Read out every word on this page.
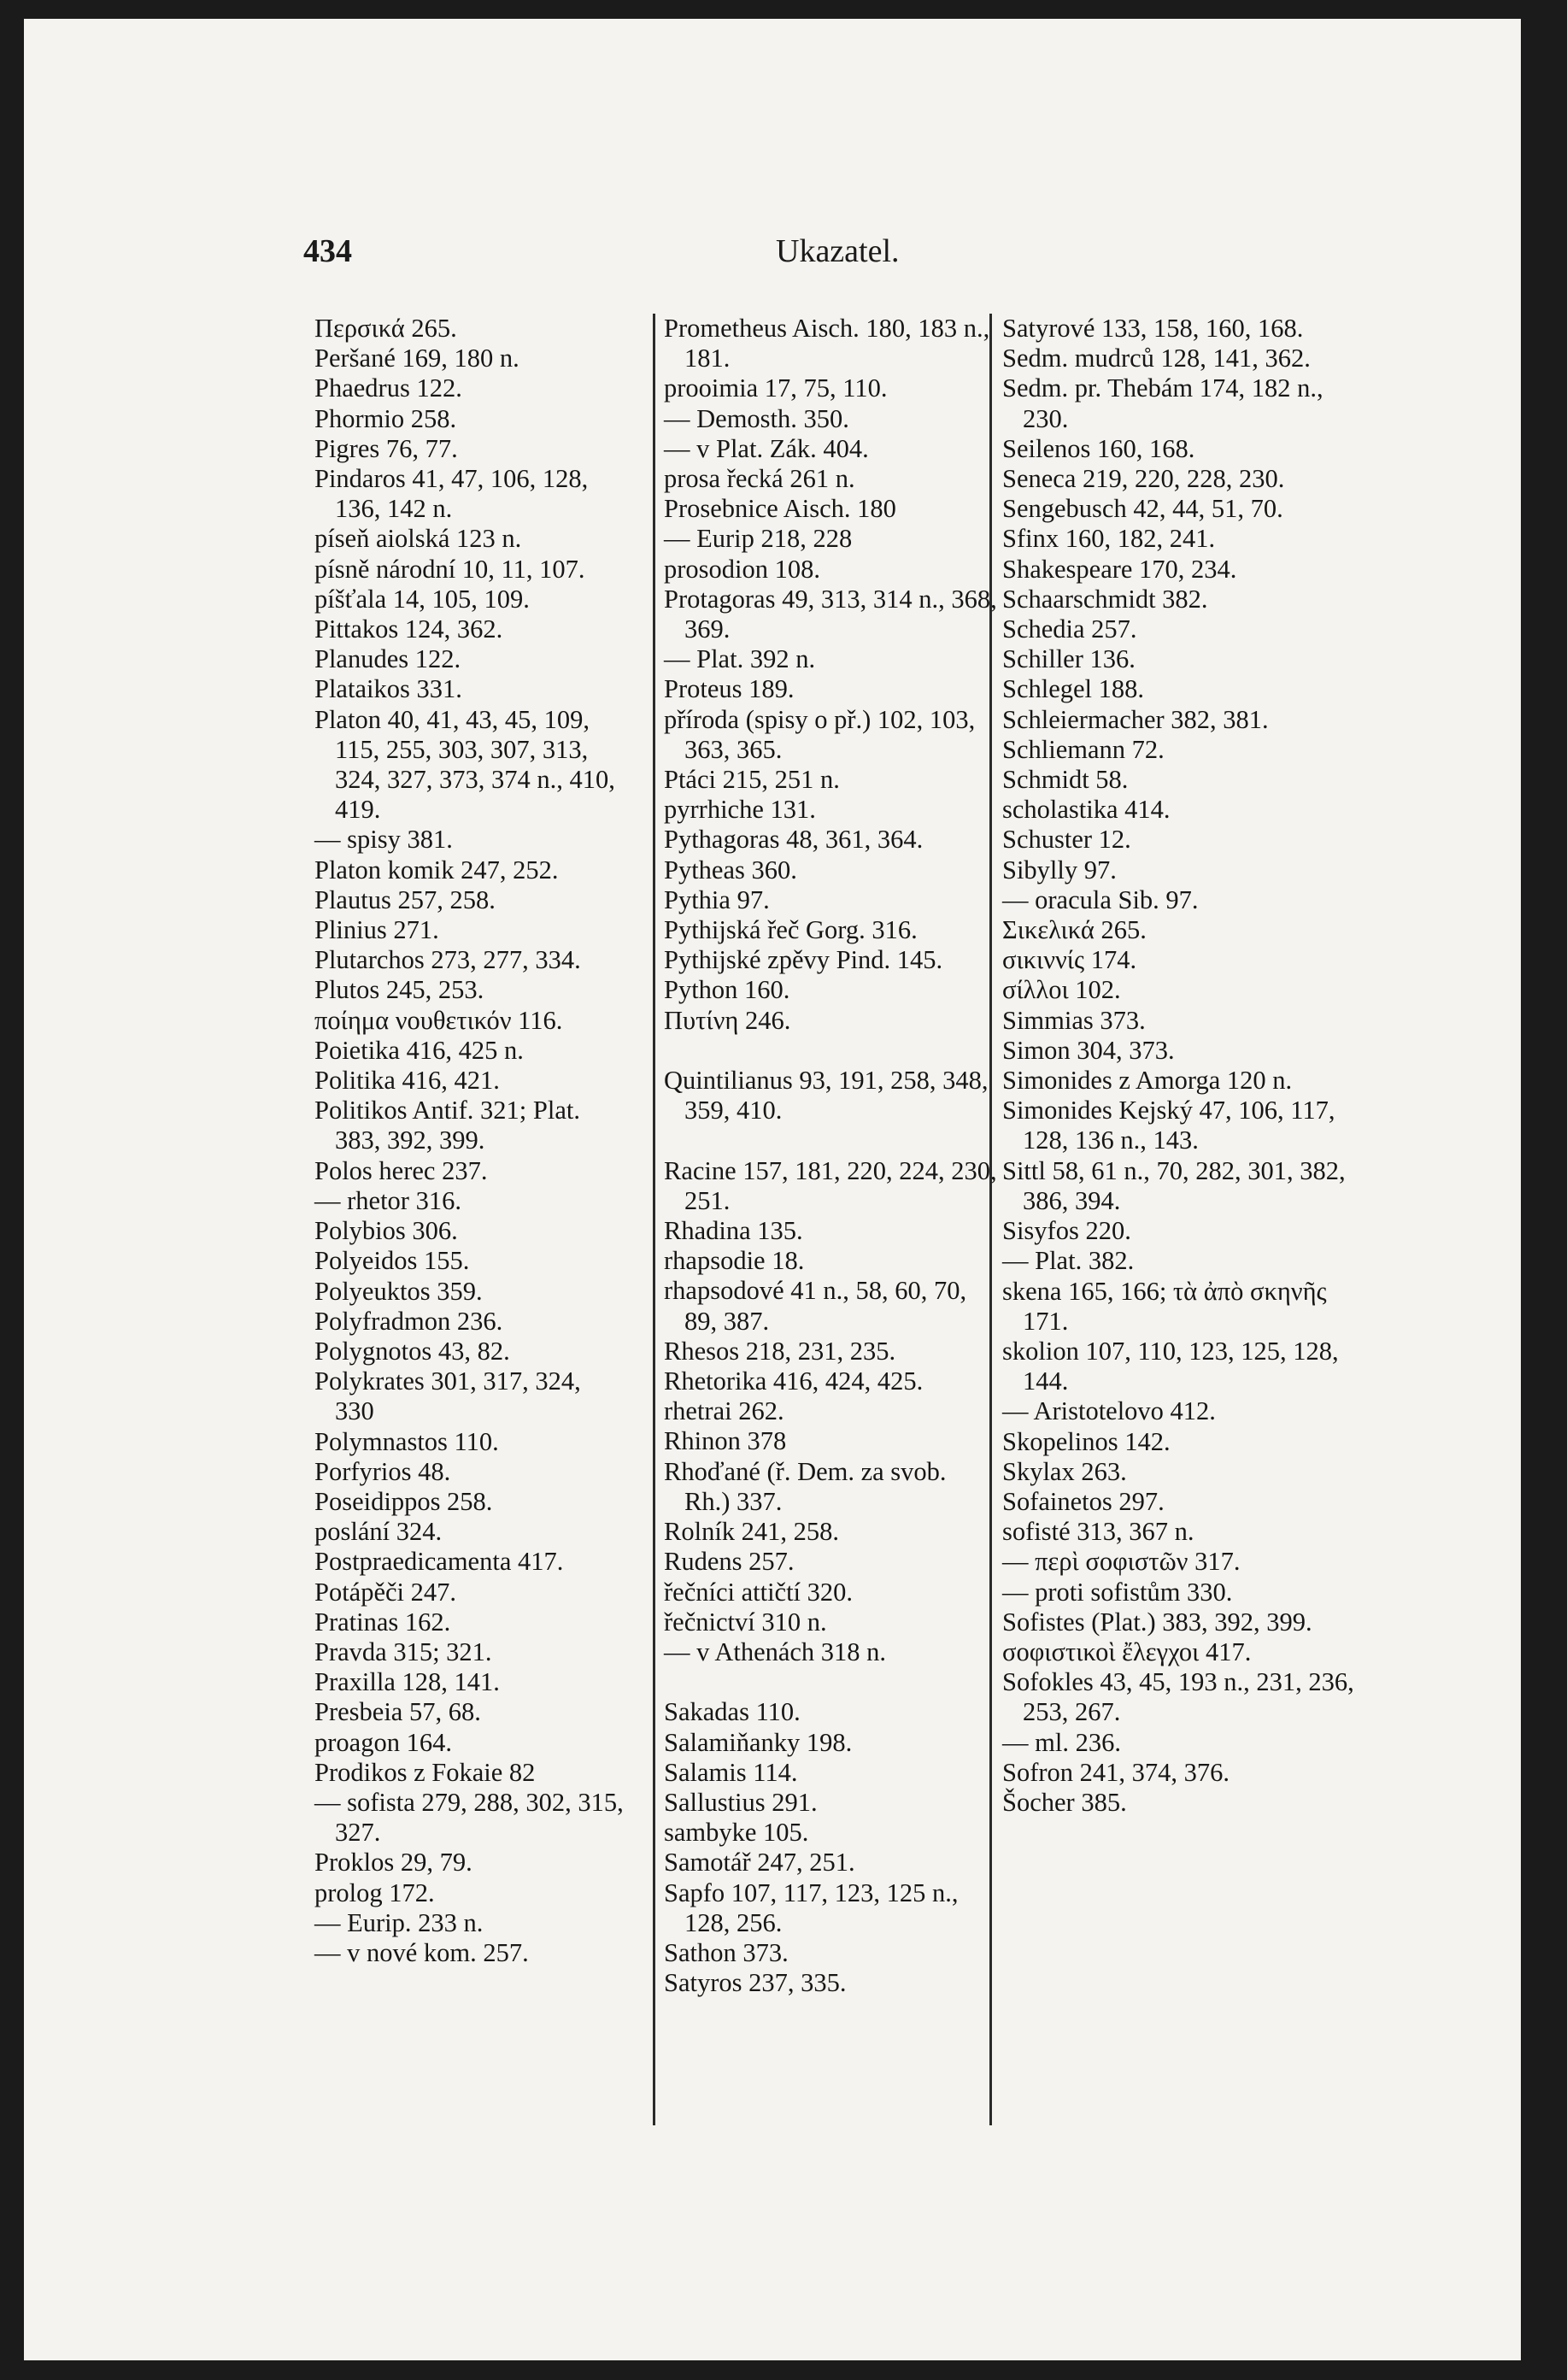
434	Ukazatel.
Περσικά 265.
Peršané 169, 180 n.
Phaedrus 122.
Phormio 258.
Pigres 76, 77.
Pindaros 41, 47, 106, 128, 136, 142 n.
píseň aiolská 123 n.
písně národní 10, 11, 107.
píšťala 14, 105, 109.
Pittakos 124, 362.
Planudes 122.
Plataikos 331.
Platon 40, 41, 43, 45, 109, 115, 255, 303, 307, 313, 324, 327, 373, 374 n., 410, 419.
— spisy 381.
Platon komik 247, 252.
Plautus 257, 258.
Plinius 271.
Plutarchos 273, 277, 334.
Plutos 245, 253.
ποίημα νουθετικόν 116.
Poietika 416, 425 n.
Politika 416, 421.
Politikos Antif. 321; Plat. 383, 392, 399.
Polos herec 237.
— rhetor 316.
Polybios 306.
Polyeidos 155.
Polyeuktos 359.
Polyfradmon 236.
Polygnotos 43, 82.
Polykrates 301, 317, 324, 330
Polymnastos 110.
Porfyrios 48.
Poseidippos 258.
poslání 324.
Postpraedicamenta 417.
Potápěči 247.
Pratinas 162.
Pravda 315; 321.
Praxilla 128, 141.
Presbeia 57, 68.
proagon 164.
Prodikos z Fokaie 82
— sofista 279, 288, 302, 315, 327.
Proklos 29, 79.
prolog 172.
— Eurip. 233 n.
— v nové kom. 257.
Prometheus Aisch. 180, 183 n., 181.
prooimia 17, 75, 110.
— Demosth. 350.
— v Plat. Zák. 404.
prosa řecká 261 n.
Prosebnice Aisch. 180
— Eurip 218, 228
prosodion 108.
Protagoras 49, 313, 314 n., 368, 369.
— Plat. 392 n.
Proteus 189.
příroda (spisy o př.) 102, 103, 363, 365.
Ptáci 215, 251 n.
pyrrhiche 131.
Pythagoras 48, 361, 364.
Pytheas 360.
Pythia 97.
Pythijská řeč Gorg. 316.
Pythijské zpěvy Pind. 145.
Python 160.
Πυτίνη 246.
Quintilianus 93, 191, 258, 348, 359, 410.
Racine 157, 181, 220, 224, 230, 251.
Rhadina 135.
rhapsodie 18.
rhapsodové 41 n., 58, 60, 70, 89, 387.
Rhesos 218, 231, 235.
Rhetorika 416, 424, 425.
rhetrai 262.
Rhinon 378
Rhoďané (ř. Dem. za svob. Rh.) 337.
Rolník 241, 258.
Rudens 257.
řečníci attičtí 320.
řečnictví 310 n.
— v Athenách 318 n.
Sakadas 110.
Salamiňanky 198.
Salamis 114.
Sallustius 291.
sambyke 105.
Samotář 247, 251.
Sapfo 107, 117, 123, 125 n., 128, 256.
Sathon 373.
Satyros 237, 335.
Satyrové 133, 158, 160, 168.
Sedm. mudrců 128, 141, 362.
Sedm. pr. Thebám 174, 182 n., 230.
Seilenos 160, 168.
Seneca 219, 220, 228, 230.
Sengebusch 42, 44, 51, 70.
Sfinx 160, 182, 241.
Shakespeare 170, 234.
Schaarschmidt 382.
Schedia 257.
Schiller 136.
Schlegel 188.
Schleiermacher 382, 381.
Schliemann 72.
Schmidt 58.
scholastika 414.
Schuster 12.
Sibylly 97.
— oracula Sib. 97.
Σικελικά 265.
σικιννίς 174.
σίλλοι 102.
Simmias 373.
Simon 304, 373.
Simonides z Amorga 120 n.
Simonides Kejský 47, 106, 117, 128, 136 n., 143.
Sittl 58, 61 n., 70, 282, 301, 382, 386, 394.
Sisyfos 220.
— Plat. 382.
skena 165, 166; τὰ ἀπὸ σκηνῆς 171.
skolion 107, 110, 123, 125, 128, 144.
— Aristotelovo 412.
Skopelinos 142.
Skylax 263.
Sofainetos 297.
sofisté 313, 367 n.
— περὶ σοφιστῶν 317.
— proti sofistům 330.
Sofistes (Plat.) 383, 392, 399.
σοφιστικοὶ ἔλεγχοι 417.
Sofokles 43, 45, 193 n., 231, 236, 253, 267.
— ml. 236.
Sofron 241, 374, 376.
Šocher 385.
